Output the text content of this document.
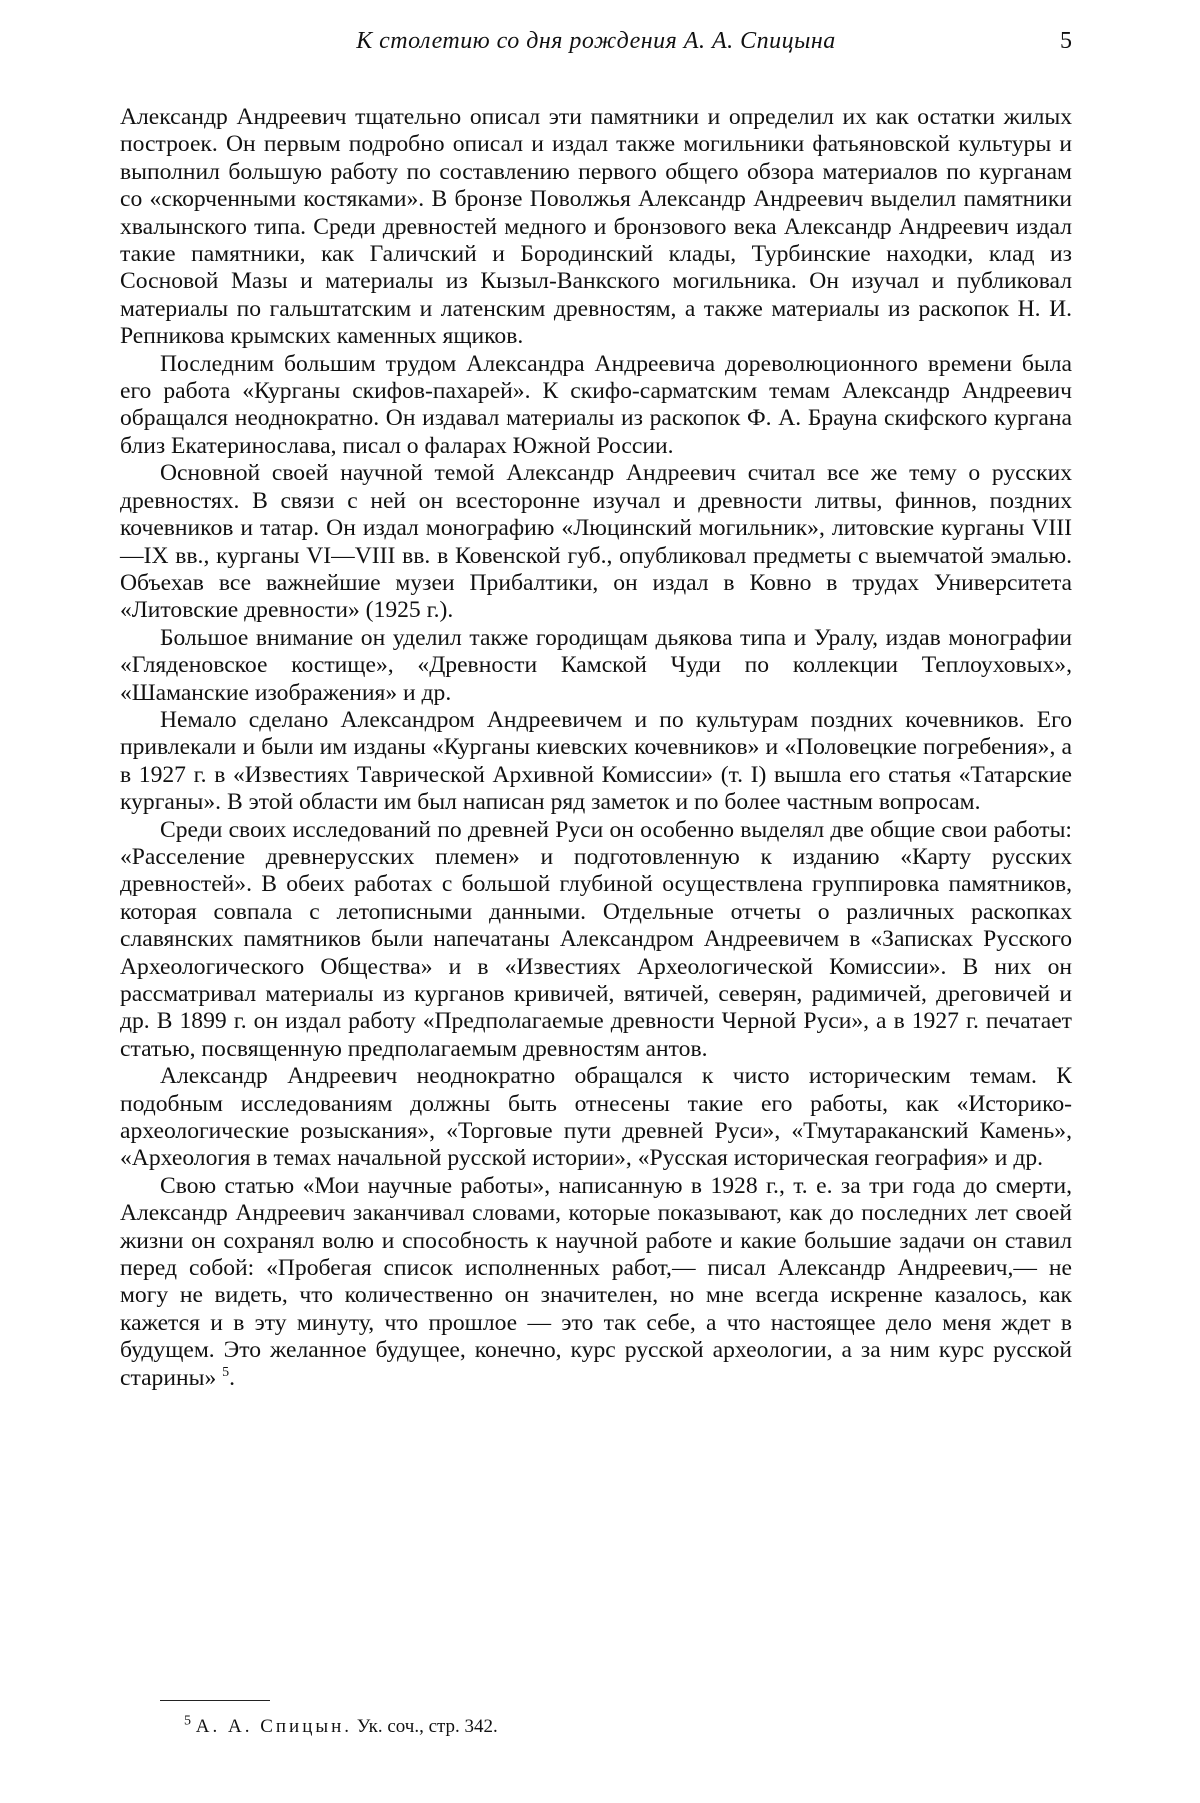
К столетию со дня рождения А. А. Спицына	5

Александр Андреевич тщательно описал эти памятники и определил их как остатки жилых построек. Он первым подробно описал и издал также могильники фатьяновской культуры и выполнил большую работу по составлению первого общего обзора материалов по курганам со «скорченными костяками». В бронзе Поволжья Александр Андреевич выделил памятники хвалынского типа. Среди древностей медного и бронзового века Александр Андреевич издал такие памятники, как Галичский и Бородинский клады, Турбинские находки, клад из Сосновой Мазы и материалы из Кызыл-Ванкского могильника. Он изучал и публиковал материалы по гальштатским и латенским древностям, а также материалы из раскопок Н. И. Репникова крымских каменных ящиков.

Последним большим трудом Александра Андреевича дореволюционного времени была его работа «Курганы скифов-пахарей». К скифо-сарматским темам Александр Андреевич обращался неоднократно. Он издавал материалы из раскопок Ф. А. Брауна скифского кургана близ Екатеринослава, писал о фаларах Южной России.

Основной своей научной темой Александр Андреевич считал все же тему о русских древностях. В связи с ней он всесторонне изучал и древности литвы, финнов, поздних кочевников и татар. Он издал монографию «Люцинский могильник», литовские курганы VIII—IX вв., курганы VI—VIII вв. в Ковенской губ., опубликовал предметы с выемчатой эмалью. Объехав все важнейшие музеи Прибалтики, он издал в Ковно в трудах Университета «Литовские древности» (1925 г.).

Большое внимание он уделил также городищам дьякова типа и Уралу, издав монографии «Гляденовское костище», «Древности Камской Чуди по коллекции Теплоуховых», «Шаманские изображения» и др.

Немало сделано Александром Андреевичем и по культурам поздних кочевников. Его привлекали и были им изданы «Курганы киевских кочевников» и «Половецкие погребения», а в 1927 г. в «Известиях Таврической Архивной Комиссии» (т. I) вышла его статья «Татарские курганы». В этой области им был написан ряд заметок и по более частным вопросам.

Среди своих исследований по древней Руси он особенно выделял две общие свои работы: «Расселение древнерусских племен» и подготовленную к изданию «Карту русских древностей». В обеих работах с большой глубиной осуществлена группировка памятников, которая совпала с летописными данными. Отдельные отчеты о различных раскопках славянских памятников были напечатаны Александром Андреевичем в «Записках Русского Археологического Общества» и в «Известиях Археологической Комиссии». В них он рассматривал материалы из курганов кривичей, вятичей, северян, радимичей, дреговичей и др. В 1899 г. он издал работу «Предполагаемые древности Черной Руси», а в 1927 г. печатает статью, посвященную предполагаемым древностям антов.

Александр Андреевич неоднократно обращался к чисто историческим темам. К подобным исследованиям должны быть отнесены такие его работы, как «Историко-археологические розыскания», «Торговые пути древней Руси», «Тмутараканский Камень», «Археология в темах начальной русской истории», «Русская историческая география» и др.

Свою статью «Мои научные работы», написанную в 1928 г., т. е. за три года до смерти, Александр Андреевич заканчивал словами, которые показывают, как до последних лет своей жизни он сохранял волю и способность к научной работе и какие большие задачи он ставил перед собой: «Пробегая список исполненных работ,— писал Александр Андреевич,— не могу не видеть, что количественно он значителен, но мне всегда искренне казалось, как кажется и в эту минуту, что прошлое — это так себе, а что настоящее дело меня ждет в будущем. Это желанное будущее, конечно, курс русской археологии, а за ним курс русской старины» $^5$.

$^5$ А. А. Спицын. Ук. соч., стр. 342.
